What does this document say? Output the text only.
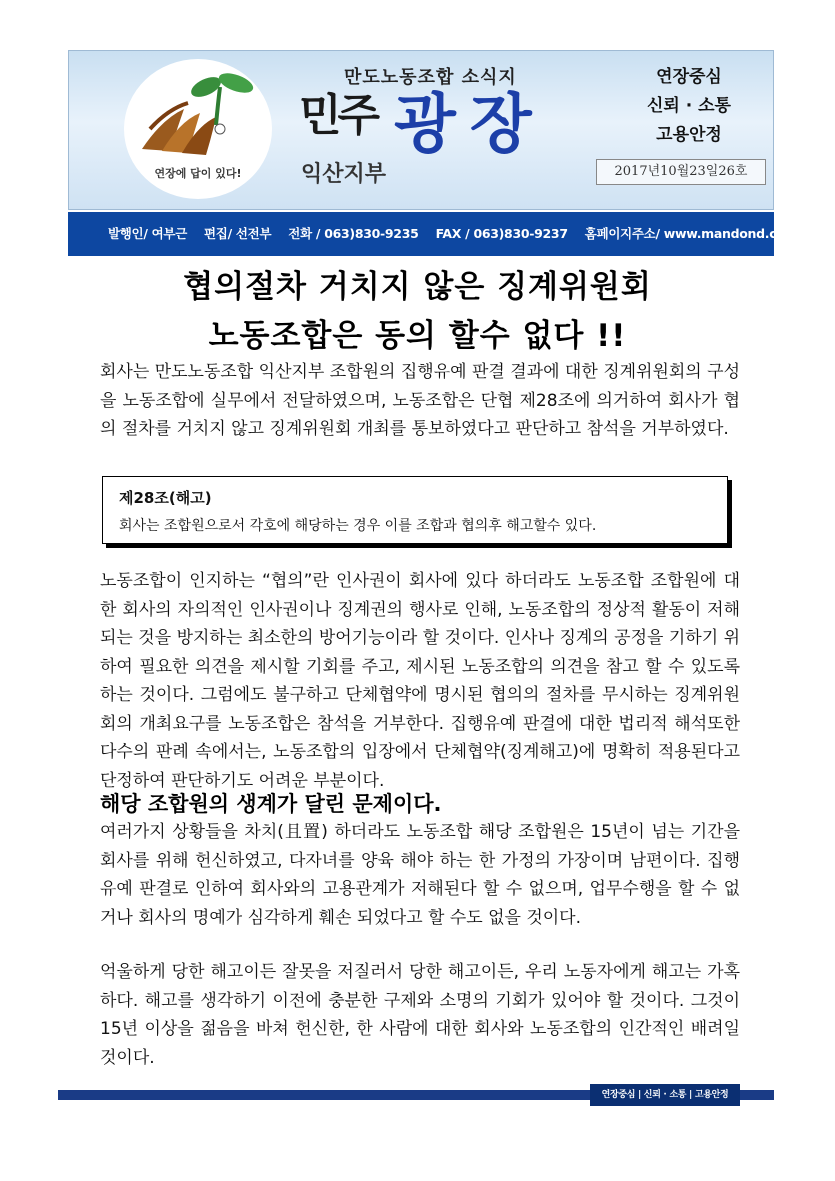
연장에 답이 있다!
만도노동조합 소식지
민주 광장
익산지부
연장중심
신뢰 · 소통
고용안정
2017년10월23일26호
발행인/ 여부근 편집/ 선전부 전화 / 063)830-9235 FAX / 063)830-9237 홈페이지주소/ www.mandond.co.kr
협의절차 거치지 않은 징계위원회
노동조합은 동의 할수 없다 !!

회사는 만도노동조합 익산지부 조합원의 집행유예 판결 결과에 대한 징계위원회의 구성을 노동조합에 실무에서 전달하였으며, 노동조합은 단협 제28조에 의거하여 회사가 협의 절차를 거치지 않고 징계위원회 개최를 통보하였다고 판단하고 참석을 거부하였다.

제28조(해고)
회사는 조합원으로서 각호에 해당하는 경우 이를 조합과 협의후 해고할수 있다.

노동조합이 인지하는 “협의”란 인사권이 회사에 있다 하더라도 노동조합 조합원에 대한 회사의 자의적인 인사권이나 징계권의 행사로 인해, 노동조합의 정상적 활동이 저해되는 것을 방지하는 최소한의 방어기능이라 할 것이다. 인사나 징계의 공정을 기하기 위하여 필요한 의견을 제시할 기회를 주고, 제시된 노동조합의 의견을 참고 할 수 있도록 하는 것이다. 그럼에도 불구하고 단체협약에 명시된 협의의 절차를 무시하는 징계위원회의 개최요구를 노동조합은 참석을 거부한다. 집행유예 판결에 대한 법리적 해석또한 다수의 판례 속에서는, 노동조합의 입장에서 단체협약(징계해고)에 명확히 적용된다고 단정하여 판단하기도 어려운 부분이다.

해당 조합원의 생계가 달린 문제이다.

여러가지 상황들을 차치(且置) 하더라도 노동조합 해당 조합원은 15년이 넘는 기간을 회사를 위해 헌신하였고, 다자녀를 양육 해야 하는 한 가정의 가장이며 남편이다. 집행유예 판결로 인하여 회사와의 고용관계가 저해된다 할 수 없으며, 업무수행을 할 수 없거나 회사의 명예가 심각하게 훼손 되었다고 할 수도 없을 것이다.

억울하게 당한 해고이든 잘못을 저질러서 당한 해고이든, 우리 노동자에게 해고는 가혹하다. 해고를 생각하기 이전에 충분한 구제와 소명의 기회가 있어야 할 것이다. 그것이 15년 이상을 젊음을 바쳐 헌신한, 한 사람에 대한 회사와 노동조합의 인간적인 배려일 것이다.

연장중심 | 신뢰 · 소통 | 고용안정
